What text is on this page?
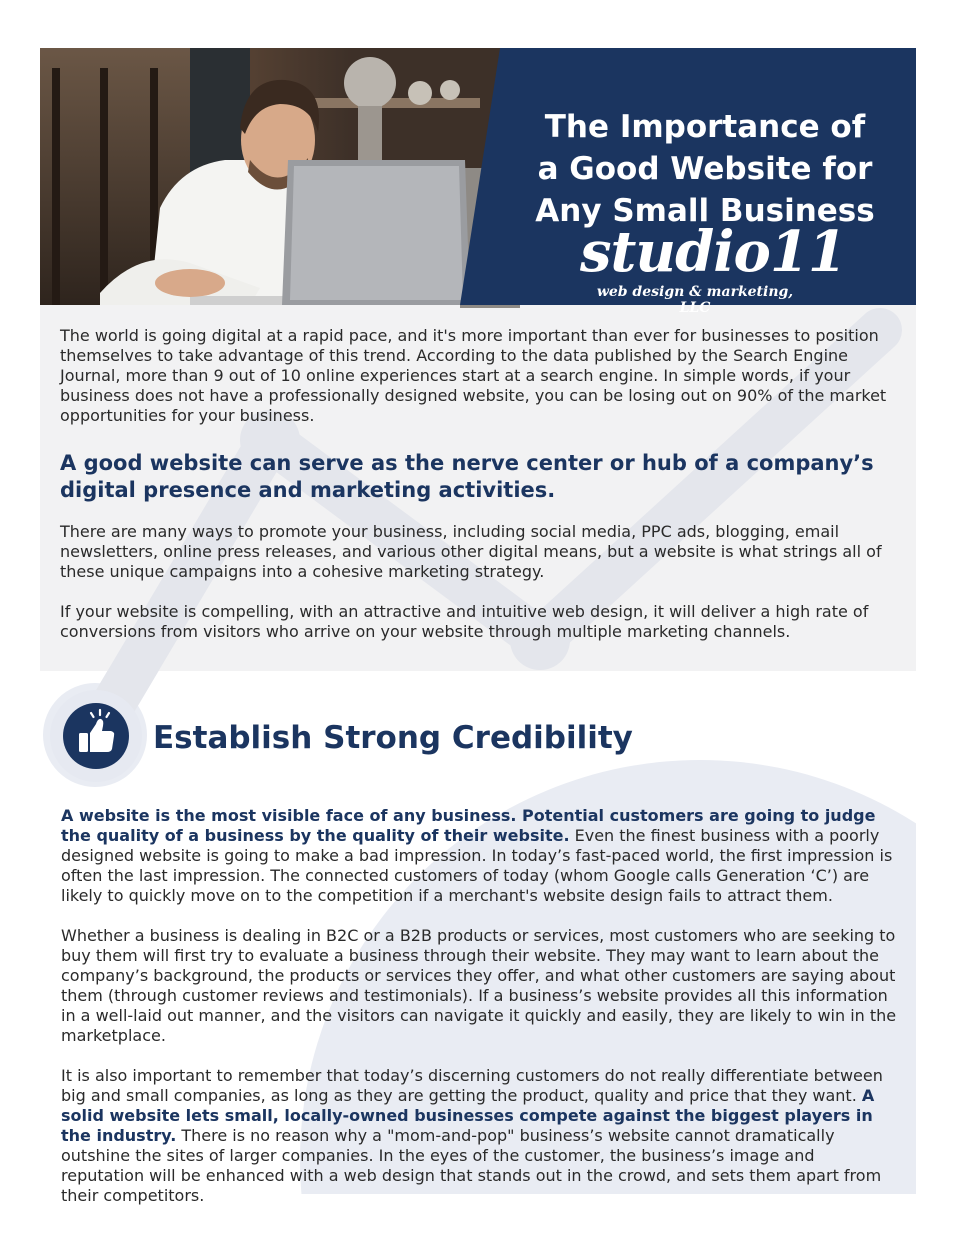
The Importance of
a Good Website for
Any Small Business
studio11
web design & marketing, LLC

The world is going digital at a rapid pace, and it's more important than ever for businesses to position themselves to take advantage of this trend. According to the data published by the Search Engine Journal, more than 9 out of 10 online experiences start at a search engine. In simple words, if your business does not have a professionally designed website, you can be losing out on 90% of the market opportunities for your business.

A good website can serve as the nerve center or hub of a company’s digital presence and marketing activities.

There are many ways to promote your business, including social media, PPC ads, blogging, email newsletters, online press releases, and various other digital means, but a website is what strings all of these unique campaigns into a cohesive marketing strategy.

If your website is compelling, with an attractive and intuitive web design, it will deliver a high rate of conversions from visitors who arrive on your website through multiple marketing channels.

Establish Strong Credibility

A website is the most visible face of any business. Potential customers are going to judge the quality of a business by the quality of their website. Even the finest business with a poorly designed website is going to make a bad impression. In today’s fast-paced world, the first impression is often the last impression. The connected customers of today (whom Google calls Generation ‘C’) are likely to quickly move on to the competition if a merchant's website design fails to attract them.

Whether a business is dealing in B2C or a B2B products or services, most customers who are seeking to buy them will first try to evaluate a business through their website. They may want to learn about the company’s background, the products or services they offer, and what other customers are saying about them (through customer reviews and testimonials). If a business’s website provides all this information in a well-laid out manner, and the visitors can navigate it quickly and easily, they are likely to win in the marketplace.

It is also important to remember that today’s discerning customers do not really differentiate between big and small companies, as long as they are getting the product, quality and price that they want. A solid website lets small, locally-owned businesses compete against the biggest players in the industry. There is no reason why a "mom-and-pop" business’s website cannot dramatically outshine the sites of larger companies. In the eyes of the customer, the business’s image and reputation will be enhanced with a web design that stands out in the crowd, and sets them apart from their competitors.
